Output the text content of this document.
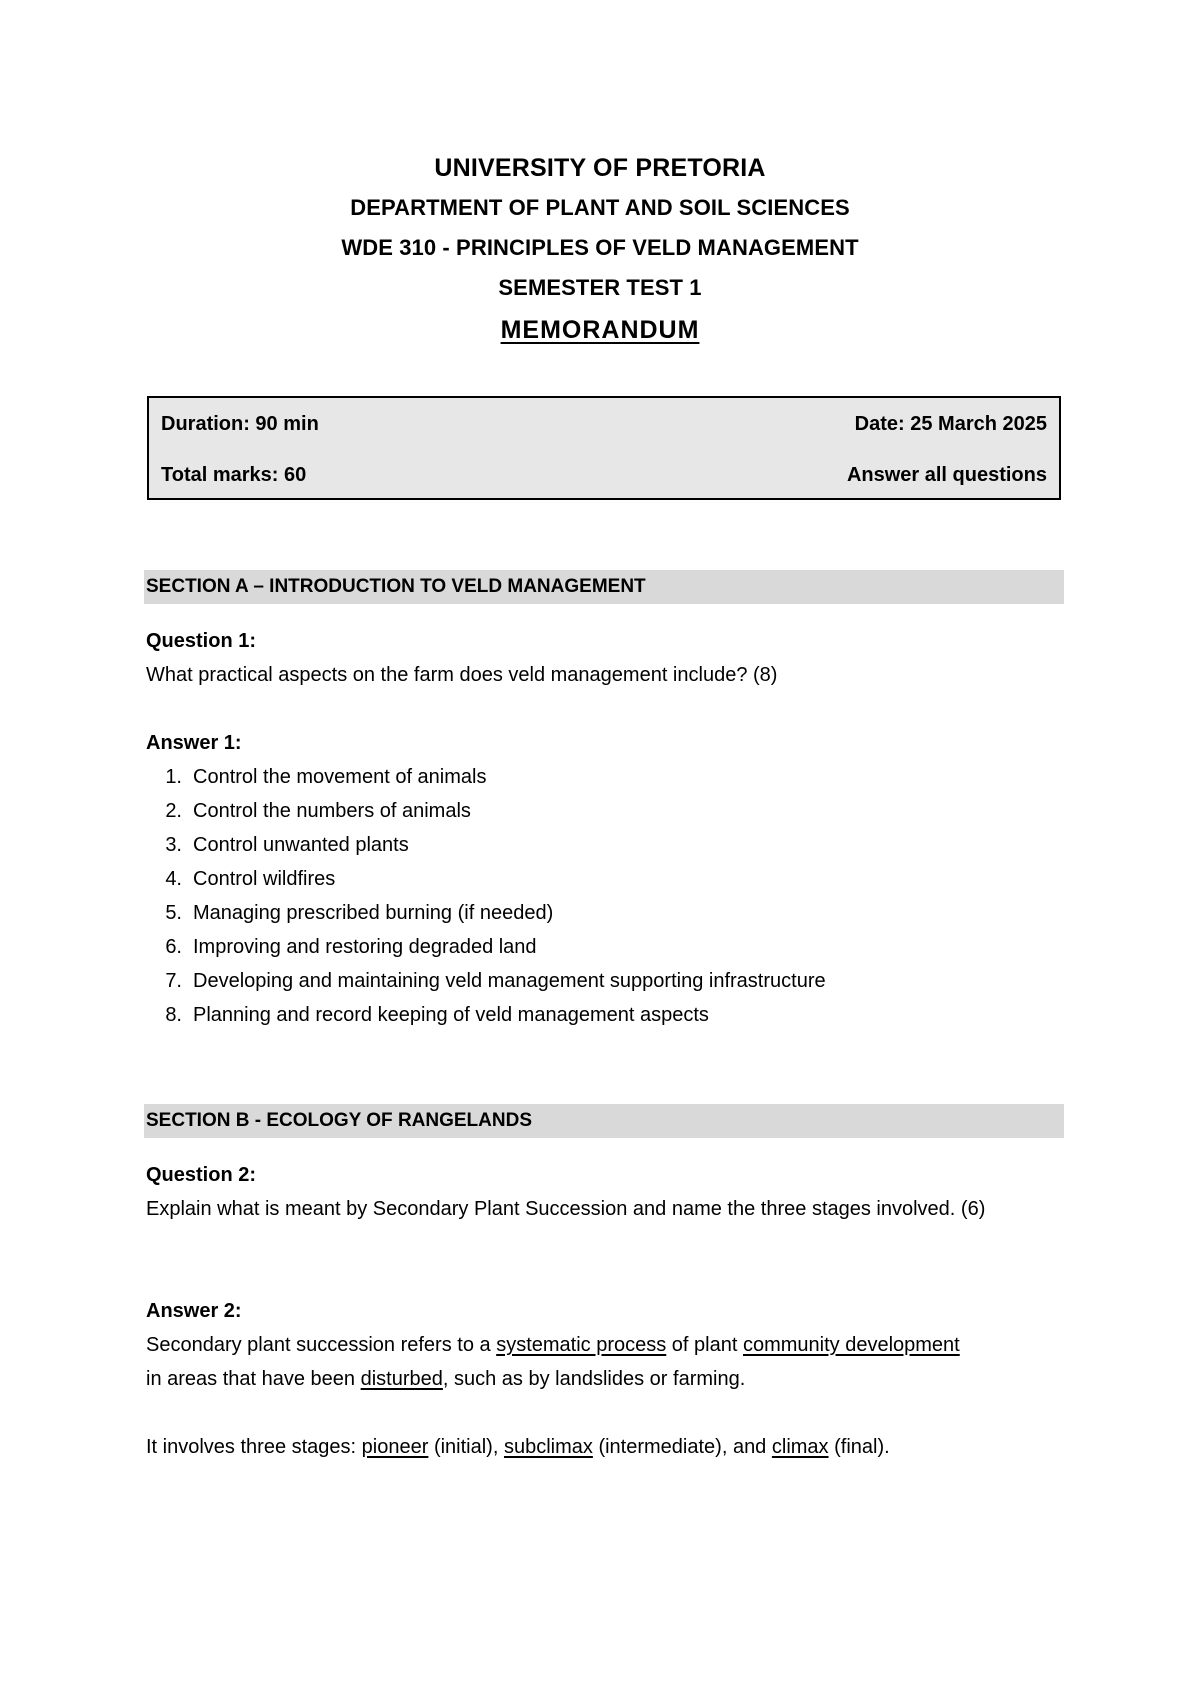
UNIVERSITY OF PRETORIA
DEPARTMENT OF PLANT AND SOIL SCIENCES
WDE 310 - PRINCIPLES OF VELD MANAGEMENT
SEMESTER TEST 1
MEMORANDUM
Duration: 90 min	Date: 25 March 2025
Total marks: 60	Answer all questions
SECTION A – INTRODUCTION TO VELD MANAGEMENT
Question 1:
What practical aspects on the farm does veld management include? (8)
Answer 1:
1. Control the movement of animals
2. Control the numbers of animals
3. Control unwanted plants
4. Control wildfires
5. Managing prescribed burning (if needed)
6. Improving and restoring degraded land
7. Developing and maintaining veld management supporting infrastructure
8. Planning and record keeping of veld management aspects
SECTION B - ECOLOGY OF RANGELANDS
Question 2:
Explain what is meant by Secondary Plant Succession and name the three stages involved. (6)
Answer 2:
Secondary plant succession refers to a systematic process of plant community development in areas that have been disturbed, such as by landslides or farming.
It involves three stages: pioneer (initial), subclimax (intermediate), and climax (final).
